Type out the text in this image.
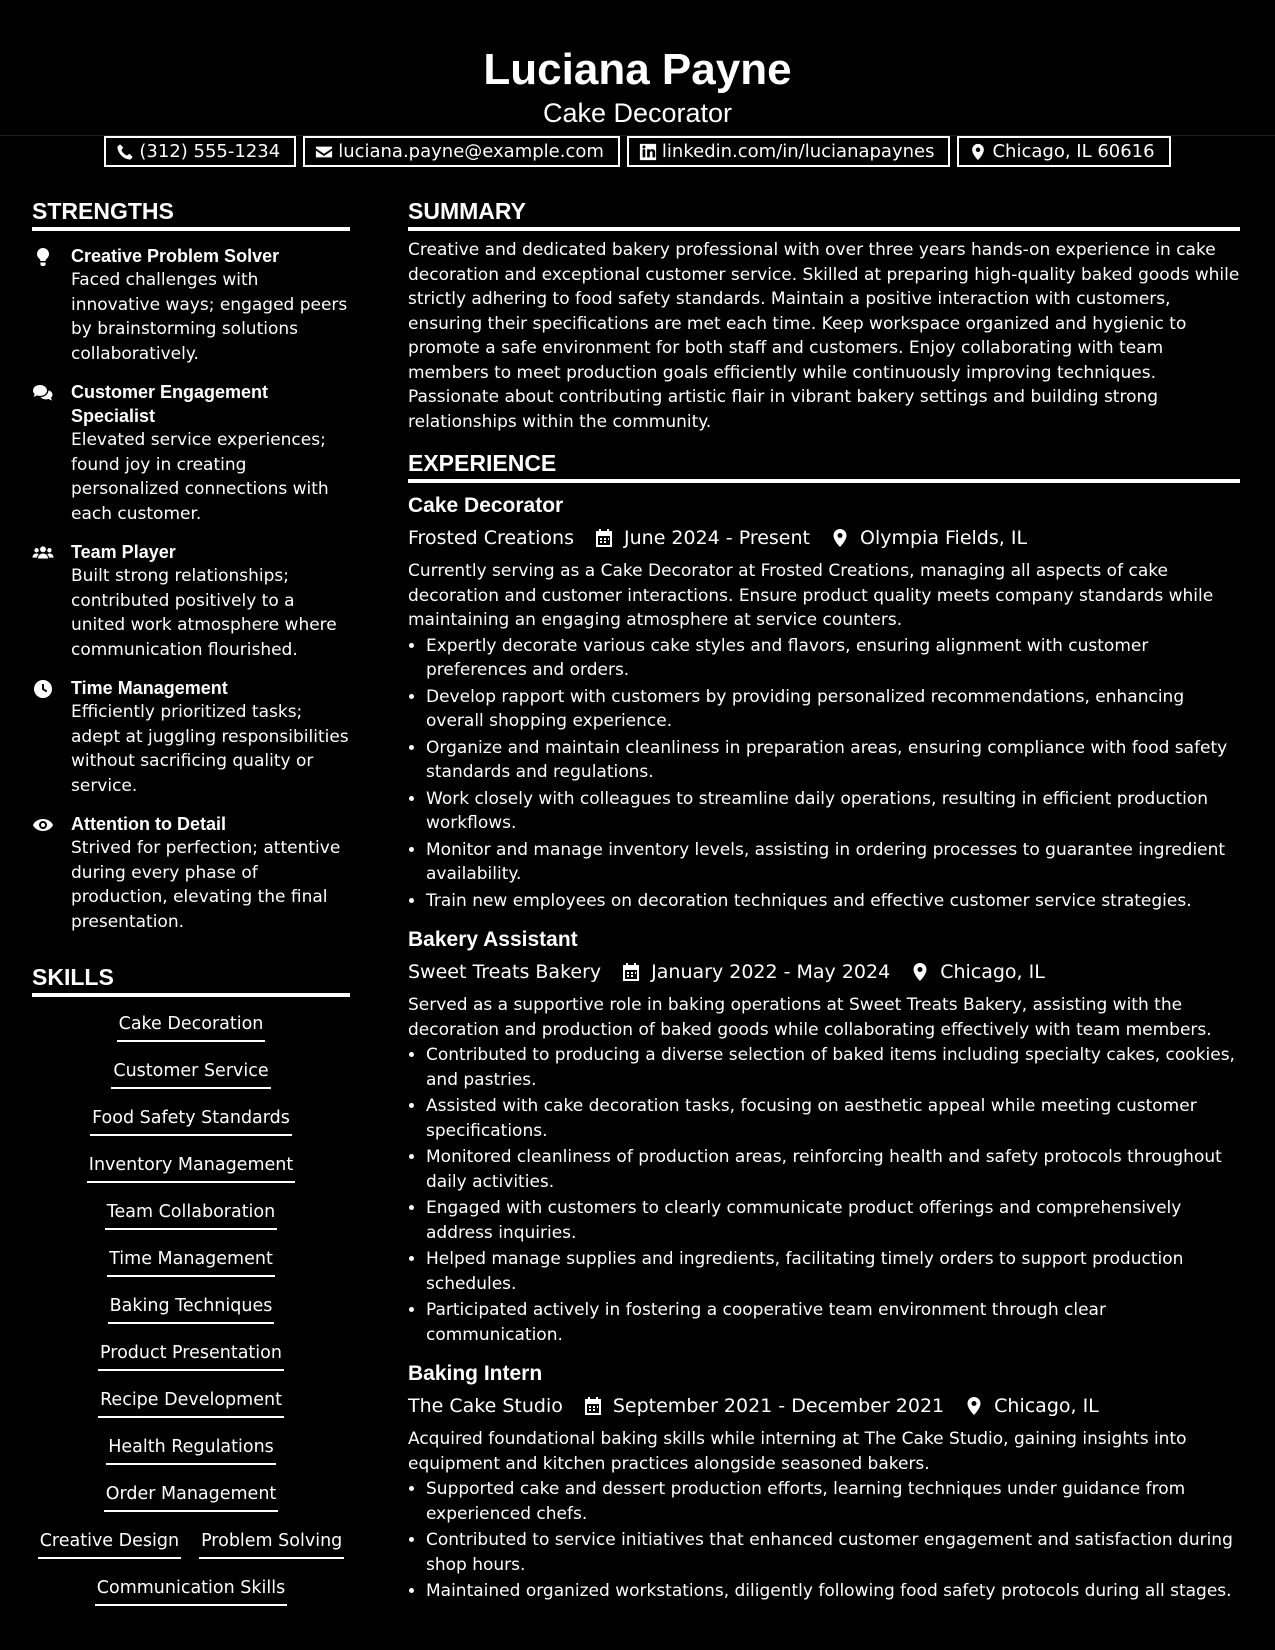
Luciana Payne
Cake Decorator
(312) 555-1234	luciana.payne@example.com	linkedin.com/in/lucianapaynes	Chicago, IL 60616
STRENGTHS
Creative Problem Solver
Faced challenges with innovative ways; engaged peers by brainstorming solutions collaboratively.
Customer Engagement Specialist
Elevated service experiences; found joy in creating personalized connections with each customer.
Team Player
Built strong relationships; contributed positively to a united work atmosphere where communication flourished.
Time Management
Efficiently prioritized tasks; adept at juggling responsibilities without sacrificing quality or service.
Attention to Detail
Strived for perfection; attentive during every phase of production, elevating the final presentation.
SKILLS
Cake Decoration
Customer Service
Food Safety Standards
Inventory Management
Team Collaboration
Time Management
Baking Techniques
Product Presentation
Recipe Development
Health Regulations
Order Management
Creative Design Problem Solving
Communication Skills
SUMMARY

Creative and dedicated bakery professional with over three years hands-on experience in cake decoration and exceptional customer service. Skilled at preparing high-quality baked goods while strictly adhering to food safety standards. Maintain a positive interaction with customers, ensuring their specifications are met each time. Keep workspace organized and hygienic to promote a safe environment for both staff and customers. Enjoy collaborating with team members to meet production goals efficiently while continuously improving techniques. Passionate about contributing artistic flair in vibrant bakery settings and building strong relationships within the community.

EXPERIENCE
Cake Decorator
Frosted Creations	June 2024 - Present	Olympia Fields, IL

Currently serving as a Cake Decorator at Frosted Creations, managing all aspects of cake decoration and customer interactions. Ensure product quality meets company standards while maintaining an engaging atmosphere at service counters.

• Expertly decorate various cake styles and flavors, ensuring alignment with customer preferences and orders.
• Develop rapport with customers by providing personalized recommendations, enhancing overall shopping experience.
• Organize and maintain cleanliness in preparation areas, ensuring compliance with food safety standards and regulations.
• Work closely with colleagues to streamline daily operations, resulting in efficient production workflows.
• Monitor and manage inventory levels, assisting in ordering processes to guarantee ingredient availability.
• Train new employees on decoration techniques and effective customer service strategies.
Bakery Assistant
Sweet Treats Bakery	January 2022 - May 2024	Chicago, IL

Served as a supportive role in baking operations at Sweet Treats Bakery, assisting with the decoration and production of baked goods while collaborating effectively with team members.

• Contributed to producing a diverse selection of baked items including specialty cakes, cookies, and pastries.
• Assisted with cake decoration tasks, focusing on aesthetic appeal while meeting customer specifications.
• Monitored cleanliness of production areas, reinforcing health and safety protocols throughout daily activities.
• Engaged with customers to clearly communicate product offerings and comprehensively address inquiries.
• Helped manage supplies and ingredients, facilitating timely orders to support production schedules.
• Participated actively in fostering a cooperative team environment through clear communication.
Baking Intern
The Cake Studio	September 2021 - December 2021	Chicago, IL

Acquired foundational baking skills while interning at The Cake Studio, gaining insights into equipment and kitchen practices alongside seasoned bakers.

• Supported cake and dessert production efforts, learning techniques under guidance from experienced chefs.
• Contributed to service initiatives that enhanced customer engagement and satisfaction during shop hours.
• Maintained organized workstations, diligently following food safety protocols during all stages.
